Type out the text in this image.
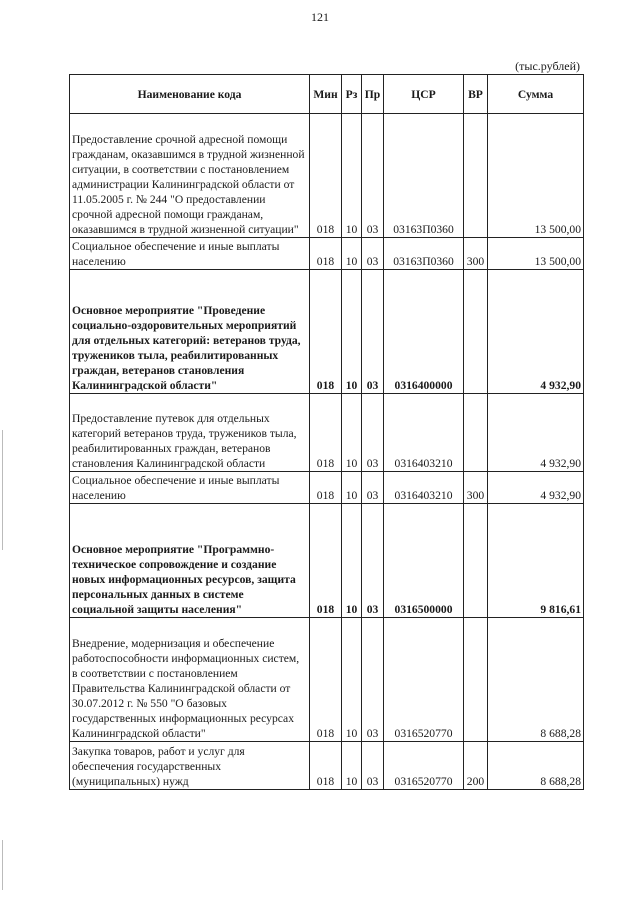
121
(тыс.рублей)
Наименование кода	Мин	Рз	Пр	ЦСР	ВР	Сумма
Предоставление срочной адресной помощи гражданам, оказавшимся в трудной жизненной ситуации, в соответствии с постановлением администрации Калининградской области от 11.05.2005 г. № 244 "О предоставлении срочной адресной помощи гражданам, оказавшимся в трудной жизненной ситуации"	018	10	03	03163П0360		13 500,00
Социальное обеспечение и иные выплаты населению	018	10	03	03163П0360	300	13 500,00
Основное мероприятие "Проведение социально-оздоровительных мероприятий для отдельных категорий: ветеранов труда, тружеников тыла, реабилитированных граждан, ветеранов становления Калининградской области"	018	10	03	0316400000		4 932,90
Предоставление путевок для отдельных категорий ветеранов труда, тружеников тыла, реабилитированных граждан, ветеранов становления Калининградской области	018	10	03	0316403210		4 932,90
Социальное обеспечение и иные выплаты населению	018	10	03	0316403210	300	4 932,90
Основное мероприятие "Программно-техническое сопровождение и создание новых информационных ресурсов, защита персональных данных в системе социальной защиты населения"	018	10	03	0316500000		9 816,61
Внедрение, модернизация и обеспечение работоспособности информационных систем, в соответствии с постановлением Правительства Калининградской области от 30.07.2012 г. № 550 "О базовых государственных информационных ресурсах Калининградской области"	018	10	03	0316520770		8 688,28
Закупка товаров, работ и услуг для обеспечения государственных (муниципальных) нужд	018	10	03	0316520770	200	8 688,28
